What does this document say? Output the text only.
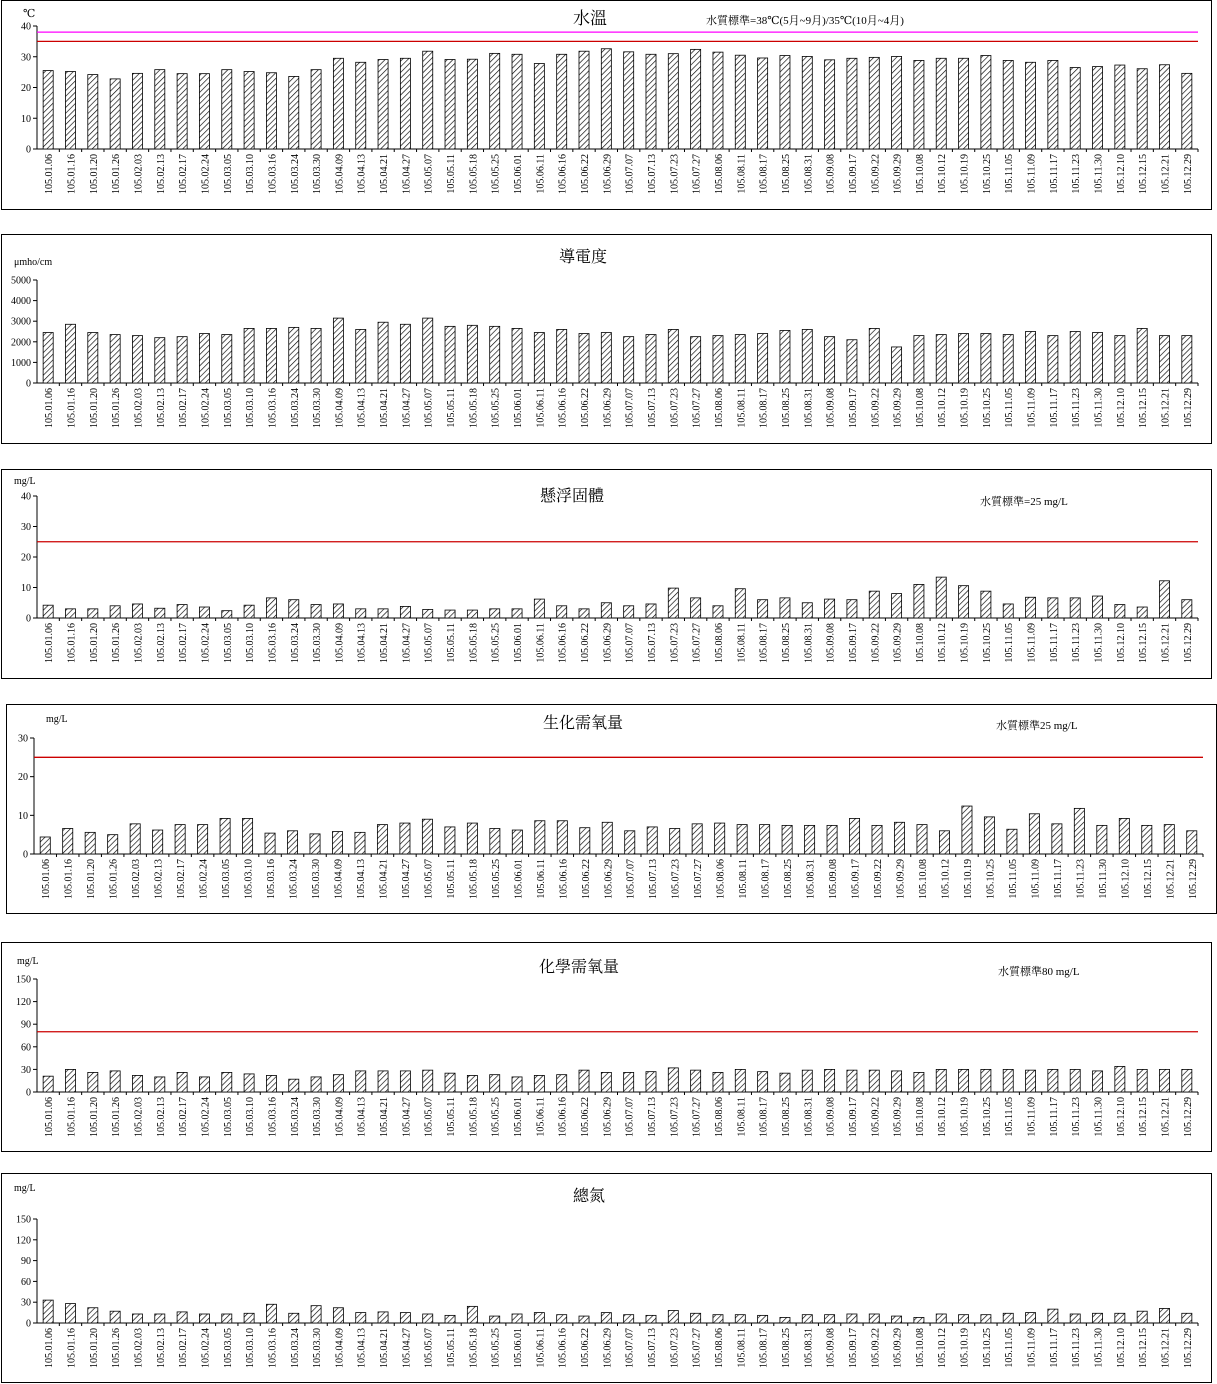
水溫
℃
水質標準=38℃(5月~9月)/35℃(10月~4月)
0
10
20
30
40
105.01.06 105.01.16 105.01.20 105.01.26 105.02.03 105.02.13 105.02.17 105.02.24 105.03.05 105.03.10 105.03.16 105.03.24 105.03.30 105.04.09 105.04.13 105.04.21 105.04.27 105.05.07 105.05.11 105.05.18 105.05.25 105.06.01 105.06.11 105.06.16 105.06.22 105.06.29 105.07.07 105.07.13 105.07.23 105.07.27 105.08.06 105.08.11 105.08.17 105.08.25 105.08.31 105.09.08 105.09.17 105.09.22 105.09.29 105.10.08 105.10.12 105.10.19 105.10.25 105.11.05 105.11.09 105.11.17 105.11.23 105.11.30 105.12.10 105.12.15 105.12.21 105.12.29
導電度
μmho/cm
0
1000
2000
3000
4000
5000
105.01.06 105.01.16 105.01.20 105.01.26 105.02.03 105.02.13 105.02.17 105.02.24 105.03.05 105.03.10 105.03.16 105.03.24 105.03.30 105.04.09 105.04.13 105.04.21 105.04.27 105.05.07 105.05.11 105.05.18 105.05.25 105.06.01 105.06.11 105.06.16 105.06.22 105.06.29 105.07.07 105.07.13 105.07.23 105.07.27 105.08.06 105.08.11 105.08.17 105.08.25 105.08.31 105.09.08 105.09.17 105.09.22 105.09.29 105.10.08 105.10.12 105.10.19 105.10.25 105.11.05 105.11.09 105.11.17 105.11.23 105.11.30 105.12.10 105.12.15 105.12.21 105.12.29
懸浮固體
mg/L
水質標準=25 mg/L
0
10
20
30
40
105.01.06 105.01.16 105.01.20 105.01.26 105.02.03 105.02.13 105.02.17 105.02.24 105.03.05 105.03.10 105.03.16 105.03.24 105.03.30 105.04.09 105.04.13 105.04.21 105.04.27 105.05.07 105.05.11 105.05.18 105.05.25 105.06.01 105.06.11 105.06.16 105.06.22 105.06.29 105.07.07 105.07.13 105.07.23 105.07.27 105.08.06 105.08.11 105.08.17 105.08.25 105.08.31 105.09.08 105.09.17 105.09.22 105.09.29 105.10.08 105.10.12 105.10.19 105.10.25 105.11.05 105.11.09 105.11.17 105.11.23 105.11.30 105.12.10 105.12.15 105.12.21 105.12.29
生化需氧量
mg/L
水質標準25 mg/L
0
10
20
30
105.01.06 105.01.16 105.01.20 105.01.26 105.02.03 105.02.13 105.02.17 105.02.24 105.03.05 105.03.10 105.03.16 105.03.24 105.03.30 105.04.09 105.04.13 105.04.21 105.04.27 105.05.07 105.05.11 105.05.18 105.05.25 105.06.01 105.06.11 105.06.16 105.06.22 105.06.29 105.07.07 105.07.13 105.07.23 105.07.27 105.08.06 105.08.11 105.08.17 105.08.25 105.08.31 105.09.08 105.09.17 105.09.22 105.09.29 105.10.08 105.10.12 105.10.19 105.10.25 105.11.05 105.11.09 105.11.17 105.11.23 105.11.30 105.12.10 105.12.15 105.12.21 105.12.29
化學需氧量
mg/L
水質標準80 mg/L
0
30
60
90
120
150
105.01.06 105.01.16 105.01.20 105.01.26 105.02.03 105.02.13 105.02.17 105.02.24 105.03.05 105.03.10 105.03.16 105.03.24 105.03.30 105.04.09 105.04.13 105.04.21 105.04.27 105.05.07 105.05.11 105.05.18 105.05.25 105.06.01 105.06.11 105.06.16 105.06.22 105.06.29 105.07.07 105.07.13 105.07.23 105.07.27 105.08.06 105.08.11 105.08.17 105.08.25 105.08.31 105.09.08 105.09.17 105.09.22 105.09.29 105.10.08 105.10.12 105.10.19 105.10.25 105.11.05 105.11.09 105.11.17 105.11.23 105.11.30 105.12.10 105.12.15 105.12.21 105.12.29
總氮
mg/L
0
30
60
90
120
150
105.01.06 105.01.16 105.01.20 105.01.26 105.02.03 105.02.13 105.02.17 105.02.24 105.03.05 105.03.10 105.03.16 105.03.24 105.03.30 105.04.09 105.04.13 105.04.21 105.04.27 105.05.07 105.05.11 105.05.18 105.05.25 105.06.01 105.06.11 105.06.16 105.06.22 105.06.29 105.07.07 105.07.13 105.07.23 105.07.27 105.08.06 105.08.11 105.08.17 105.08.25 105.08.31 105.09.08 105.09.17 105.09.22 105.09.29 105.10.08 105.10.12 105.10.19 105.10.25 105.11.05 105.11.09 105.11.17 105.11.23 105.11.30 105.12.10 105.12.15 105.12.21 105.12.29
